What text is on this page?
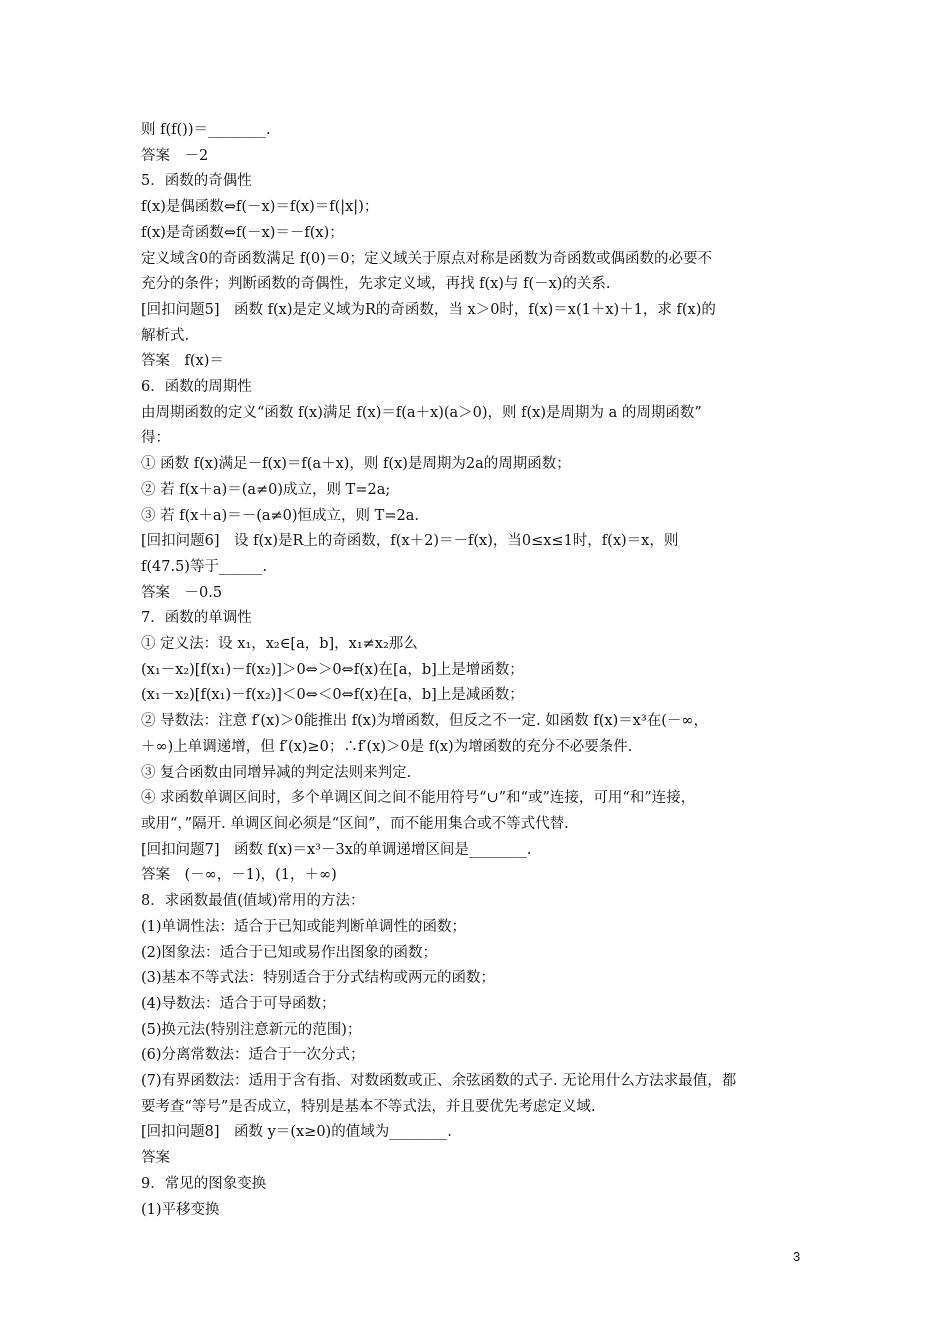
则 f(f())＝________.
答案　－2
5．函数的奇偶性
f(x)是偶函数⇔f(－x)＝f(x)＝f(|x|)；
f(x)是奇函数⇔f(－x)＝－f(x)；
定义域含0的奇函数满足 f(0)＝0；定义域关于原点对称是函数为奇函数或偶函数的必要不
充分的条件；判断函数的奇偶性，先求定义域，再找 f(x)与 f(－x)的关系.
[回扣问题5]　函数 f(x)是定义域为R的奇函数，当 x＞0时，f(x)＝x(1＋x)＋1，求 f(x)的
解析式.
答案　f(x)＝
6．函数的周期性
由周期函数的定义“函数 f(x)满足 f(x)＝f(a＋x)(a＞0)，则 f(x)是周期为 a 的周期函数”
得：
① 函数 f(x)满足－f(x)＝f(a＋x)，则 f(x)是周期为2a的周期函数；
② 若 f(x＋a)＝(a≠0)成立，则 T=2a;
③ 若 f(x＋a)＝－(a≠0)恒成立，则 T=2a.
[回扣问题6]　设 f(x)是R上的奇函数，f(x＋2)＝－f(x)，当0≤x≤1时，f(x)＝x，则
f(47.5)等于______.
答案　－0.5
7．函数的单调性
① 定义法：设 x₁，x₂∈[a，b]，x₁≠x₂那么
(x₁－x₂)[f(x₁)－f(x₂)]＞0⇔＞0⇔f(x)在[a，b]上是增函数；
(x₁－x₂)[f(x₁)－f(x₂)]＜0⇔＜0⇔f(x)在[a，b]上是减函数；
② 导数法：注意 f′(x)＞0能推出 f(x)为增函数，但反之不一定. 如函数 f(x)＝x³在(－∞，
＋∞)上单调递增，但 f′(x)≥0；∴f′(x)＞0是 f(x)为增函数的充分不必要条件.
③ 复合函数由同增异减的判定法则来判定.
④ 求函数单调区间时，多个单调区间之间不能用符号“∪”和“或”连接，可用“和”连接，
或用“，”隔开. 单调区间必须是“区间”，而不能用集合或不等式代替.
[回扣问题7]　函数 f(x)＝x³－3x的单调递增区间是________.
答案　(－∞，－1)，(1，＋∞)
8．求函数最值(值域)常用的方法：
(1)单调性法：适合于已知或能判断单调性的函数；
(2)图象法：适合于已知或易作出图象的函数；
(3)基本不等式法：特别适合于分式结构或两元的函数；
(4)导数法：适合于可导函数；
(5)换元法(特别注意新元的范围)；
(6)分离常数法：适合于一次分式；
(7)有界函数法：适用于含有指、对数函数或正、余弦函数的式子. 无论用什么方法求最值，都
要考查“等号”是否成立，特别是基本不等式法，并且要优先考虑定义域.
[回扣问题8]　函数 y＝(x≥0)的值域为________.
答案
9．常见的图象变换
(1)平移变换
3
